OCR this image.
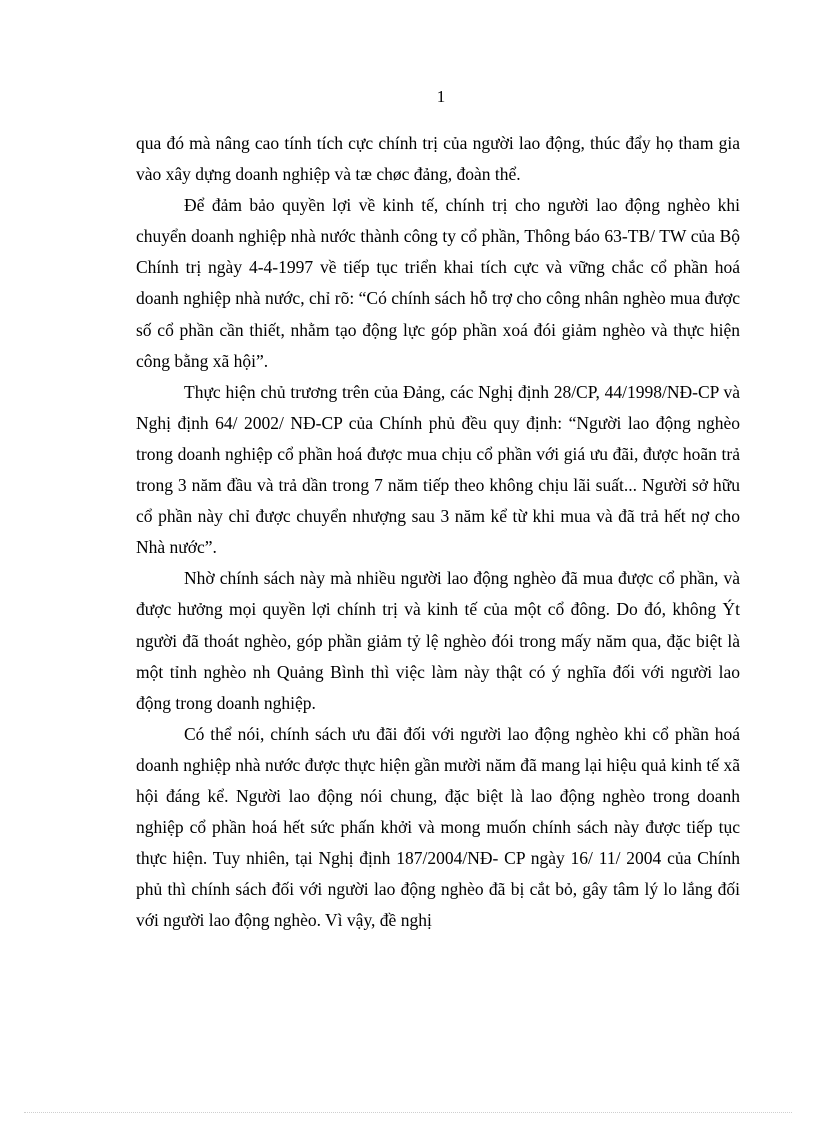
1

qua đó mà nâng cao tính tích cực chính trị của người lao động, thúc đẩy họ tham gia vào xây dựng doanh nghiệp và tæ chøc đảng, đoàn thể.

Để đảm bảo quyền lợi về kinh tế, chính trị cho người lao động nghèo khi chuyển doanh nghiệp nhà nước thành công ty cổ phần, Thông báo 63-TB/ TW của Bộ Chính trị ngày 4-4-1997 về tiếp tục triển khai tích cực và vững chắc cổ phần hoá doanh nghiệp nhà nước, chỉ rõ: “Có chính sách hỗ trợ cho công nhân nghèo mua được số cổ phần cần thiết, nhằm tạo động lực góp phần xoá đói giảm nghèo và thực hiện công bằng xã hội”.

Thực hiện chủ trương trên của Đảng, các Nghị định 28/CP, 44/1998/NĐ-CP và Nghị định 64/ 2002/ NĐ-CP của Chính phủ đều quy định: “Người lao động nghèo trong doanh nghiệp cổ phần hoá được mua chịu cổ phần với giá ưu đãi, được hoãn trả trong 3 năm đầu và trả dần trong 7 năm tiếp theo không chịu lãi suất... Người sở hữu cổ phần này chỉ được chuyển nhượng sau 3 năm kể từ khi mua và đã trả hết nợ cho Nhà nước”.

Nhờ chính sách này mà nhiều người lao động nghèo đã mua được cổ phần, và được hưởng mọi quyền lợi chính trị và kinh tế của một cổ đông. Do đó, không Ýt người đã thoát nghèo, góp phần giảm tỷ lệ nghèo đói trong mấy năm qua, đặc biệt là một tỉnh nghèo nh Quảng Bình thì việc làm này thật có ý nghĩa đối với người lao động trong doanh nghiệp.

Có thể nói, chính sách ưu đãi đối với người lao động nghèo khi cổ phần hoá doanh nghiệp nhà nước được thực hiện gần mười năm đã mang lại hiệu quả kinh tế xã hội đáng kể. Người lao động nói chung, đặc biệt là lao động nghèo trong doanh nghiệp cổ phần hoá hết sức phấn khởi và mong muốn chính sách này được tiếp tục thực hiện. Tuy nhiên, tại Nghị định 187/2004/NĐ- CP ngày 16/ 11/ 2004 của Chính phủ thì chính sách đối với người lao động nghèo đã bị cắt bỏ, gây tâm lý lo lắng đối với người lao động nghèo. Vì vậy, đề nghị
